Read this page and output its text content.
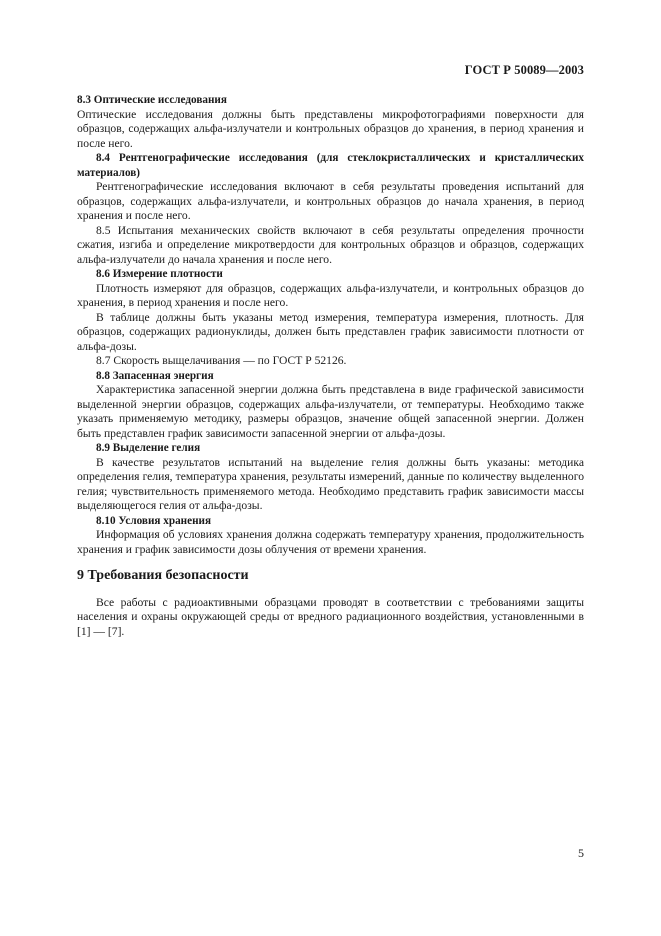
ГОСТ Р 50089—2003

8.3 Оптические исследования

Оптические исследования должны быть представлены микрофотографиями поверхности для образцов, содержащих альфа-излучатели и контрольных образцов до хранения, в период хранения и после него.

8.4 Рентгенографические исследования (для стеклокристаллических и кристаллических материалов)

Рентгенографические исследования включают в себя результаты проведения испытаний для образцов, содержащих альфа-излучатели, и контрольных образцов до начала хранения, в период хранения и после него.

8.5 Испытания механических свойств включают в себя результаты определения прочности сжатия, изгиба и определение микротвердости для контрольных образцов и образцов, содержащих альфа-излучатели до начала хранения и после него.

8.6 Измерение плотности

Плотность измеряют для образцов, содержащих альфа-излучатели, и контрольных образцов до хранения, в период хранения и после него.

В таблице должны быть указаны метод измерения, температура измерения, плотность. Для образцов, содержащих радионуклиды, должен быть представлен график зависимости плотности от альфа-дозы.

8.7 Скорость выщелачивания — по ГОСТ Р 52126.

8.8 Запасенная энергия

Характеристика запасенной энергии должна быть представлена в виде графической зависимости выделенной энергии образцов, содержащих альфа-излучатели, от температуры. Необходимо также указать применяемую методику, размеры образцов, значение общей запасенной энергии. Должен быть представлен график зависимости запасенной энергии от альфа-дозы.

8.9 Выделение гелия

В качестве результатов испытаний на выделение гелия должны быть указаны: методика определения гелия, температура хранения, результаты измерений, данные по количеству выделенного гелия; чувствительность применяемого метода. Необходимо представить график зависимости массы выделяющегося гелия от альфа-дозы.

8.10 Условия хранения

Информация об условиях хранения должна содержать температуру хранения, продолжительность хранения и график зависимости дозы облучения от времени хранения.

9 Требования безопасности

Все работы с радиоактивными образцами проводят в соответствии с требованиями защиты населения и охраны окружающей среды от вредного радиационного воздействия, установленными в [1] — [7].

5
